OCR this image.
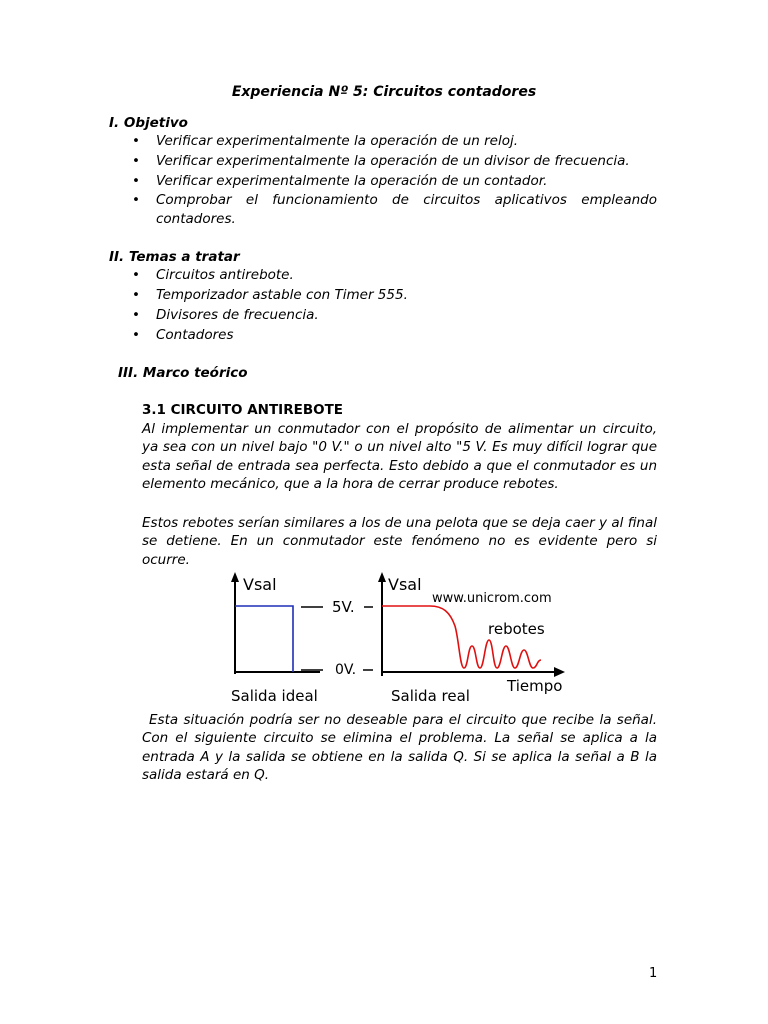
Experiencia Nº 5: Circuitos contadores
I. Objetivo
• Verificar experimentalmente la operación de un reloj.
• Verificar experimentalmente la operación de un divisor de frecuencia.
• Verificar experimentalmente la operación de un contador.
• Comprobar el funcionamiento de circuitos aplicativos empleando contadores.
II. Temas a tratar
• Circuitos antirebote.
• Temporizador astable con Timer 555.
• Divisores de frecuencia.
• Contadores
III. Marco teórico
3.1 CIRCUITO ANTIREBOTE
Al implementar un conmutador con el propósito de alimentar un circuito, ya sea con un nivel bajo "0 V." o un nivel alto "5 V. Es muy difícil lograr que esta señal de entrada sea perfecta. Esto debido a que el conmutador es un elemento mecánico, que a la hora de cerrar produce rebotes.
Estos rebotes serían similares a los de una pelota que se deja caer y al final se detiene. En un conmutador este fenómeno no es evidente pero si ocurre.
Vsal
Salida ideal
5V.
0V.
Vsal
www.unicrom.com
rebotes
Salida real
Tiempo
Esta situación podría ser no deseable para el circuito que recibe la señal. Con el siguiente circuito se elimina el problema. La señal se aplica a la entrada A y la salida se obtiene en la salida Q. Si se aplica la señal a B la salida estará en Q.
1
